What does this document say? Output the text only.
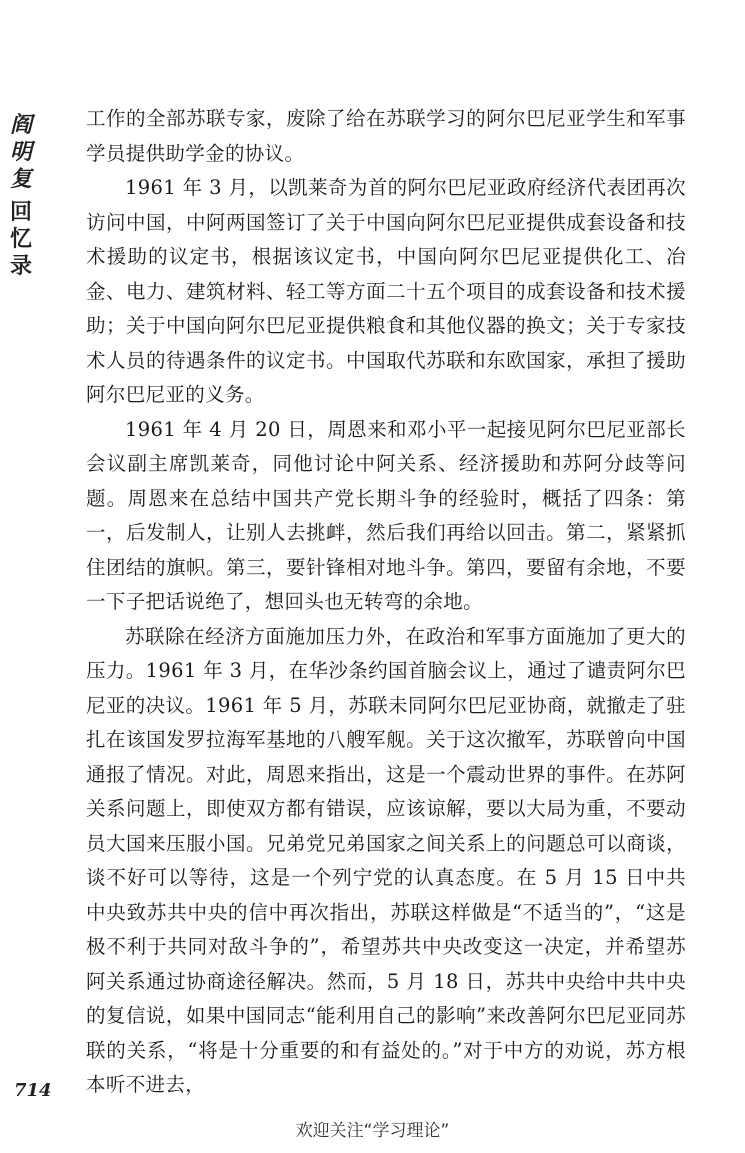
阎
明
复
回
忆
录

工作的全部苏联专家，废除了给在苏联学习的阿尔巴尼亚学生和军事学员提供助学金的协议。

1961 年 3 月，以凯莱奇为首的阿尔巴尼亚政府经济代表团再次访问中国，中阿两国签订了关于中国向阿尔巴尼亚提供成套设备和技术援助的议定书，根据该议定书，中国向阿尔巴尼亚提供化工、冶金、电力、建筑材料、轻工等方面二十五个项目的成套设备和技术援助；关于中国向阿尔巴尼亚提供粮食和其他仪器的换文；关于专家技术人员的待遇条件的议定书。中国取代苏联和东欧国家，承担了援助阿尔巴尼亚的义务。

1961 年 4 月 20 日，周恩来和邓小平一起接见阿尔巴尼亚部长会议副主席凯莱奇，同他讨论中阿关系、经济援助和苏阿分歧等问题。周恩来在总结中国共产党长期斗争的经验时，概括了四条：第一，后发制人，让别人去挑衅，然后我们再给以回击。第二，紧紧抓住团结的旗帜。第三，要针锋相对地斗争。第四，要留有余地，不要一下子把话说绝了，想回头也无转弯的余地。

苏联除在经济方面施加压力外，在政治和军事方面施加了更大的压力。1961 年 3 月，在华沙条约国首脑会议上，通过了谴责阿尔巴尼亚的决议。1961 年 5 月，苏联未同阿尔巴尼亚协商，就撤走了驻扎在该国发罗拉海军基地的八艘军舰。关于这次撤军，苏联曾向中国通报了情况。对此，周恩来指出，这是一个震动世界的事件。在苏阿关系问题上，即使双方都有错误，应该谅解，要以大局为重，不要动员大国来压服小国。兄弟党兄弟国家之间关系上的问题总可以商谈，谈不好可以等待，这是一个列宁党的认真态度。在 5 月 15 日中共中央致苏共中央的信中再次指出，苏联这样做是“不适当的”，“这是极不利于共同对敌斗争的”，希望苏共中央改变这一决定，并希望苏阿关系通过协商途径解决。然而，5 月 18 日，苏共中央给中共中央的复信说，如果中国同志“能利用自己的影响”来改善阿尔巴尼亚同苏联的关系，“将是十分重要的和有益处的。”对于中方的劝说，苏方根本听不进去，

714
欢迎关注“学习理论”
